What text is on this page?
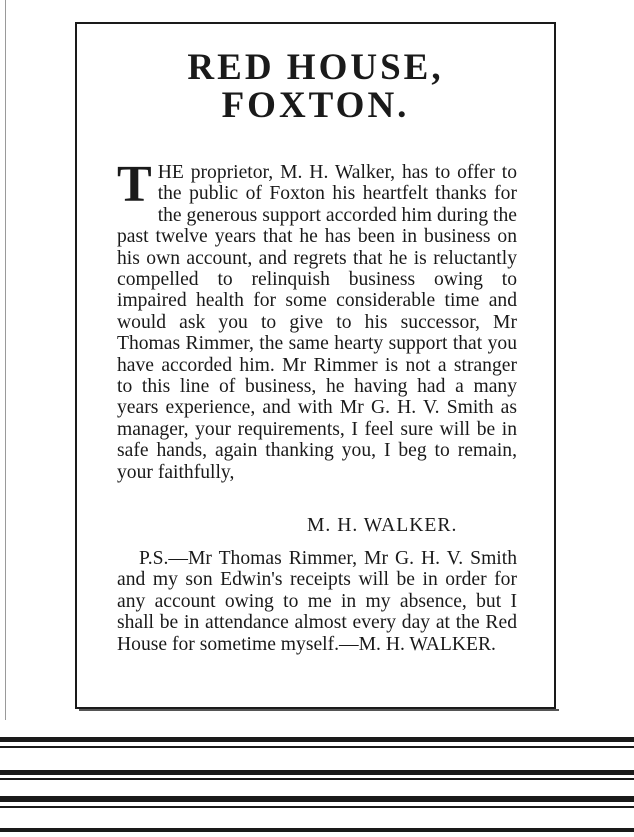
RED HOUSE,
FOXTON.

THE proprietor, M. H. Walker, has to offer to the public of Foxton his heartfelt thanks for the generous support accorded him during the past twelve years that he has been in business on his own account, and regrets that he is reluctantly compelled to relinquish business owing to impaired health for some considerable time and would ask you to give to his successor, Mr Thomas Rimmer, the same hearty support that you have accorded him. Mr Rimmer is not a stranger to this line of business, he having had a many years experience, and with Mr G. H. V. Smith as manager, your requirements, I feel sure will be in safe hands, again thanking you, I beg to remain, your faithfully,

M. H. WALKER.

P.S.—Mr Thomas Rimmer, Mr G. H. V. Smith and my son Edwin's receipts will be in order for any account owing to me in my absence, but I shall be in attendance almost every day at the Red House for sometime myself.—M. H. WALKER.
